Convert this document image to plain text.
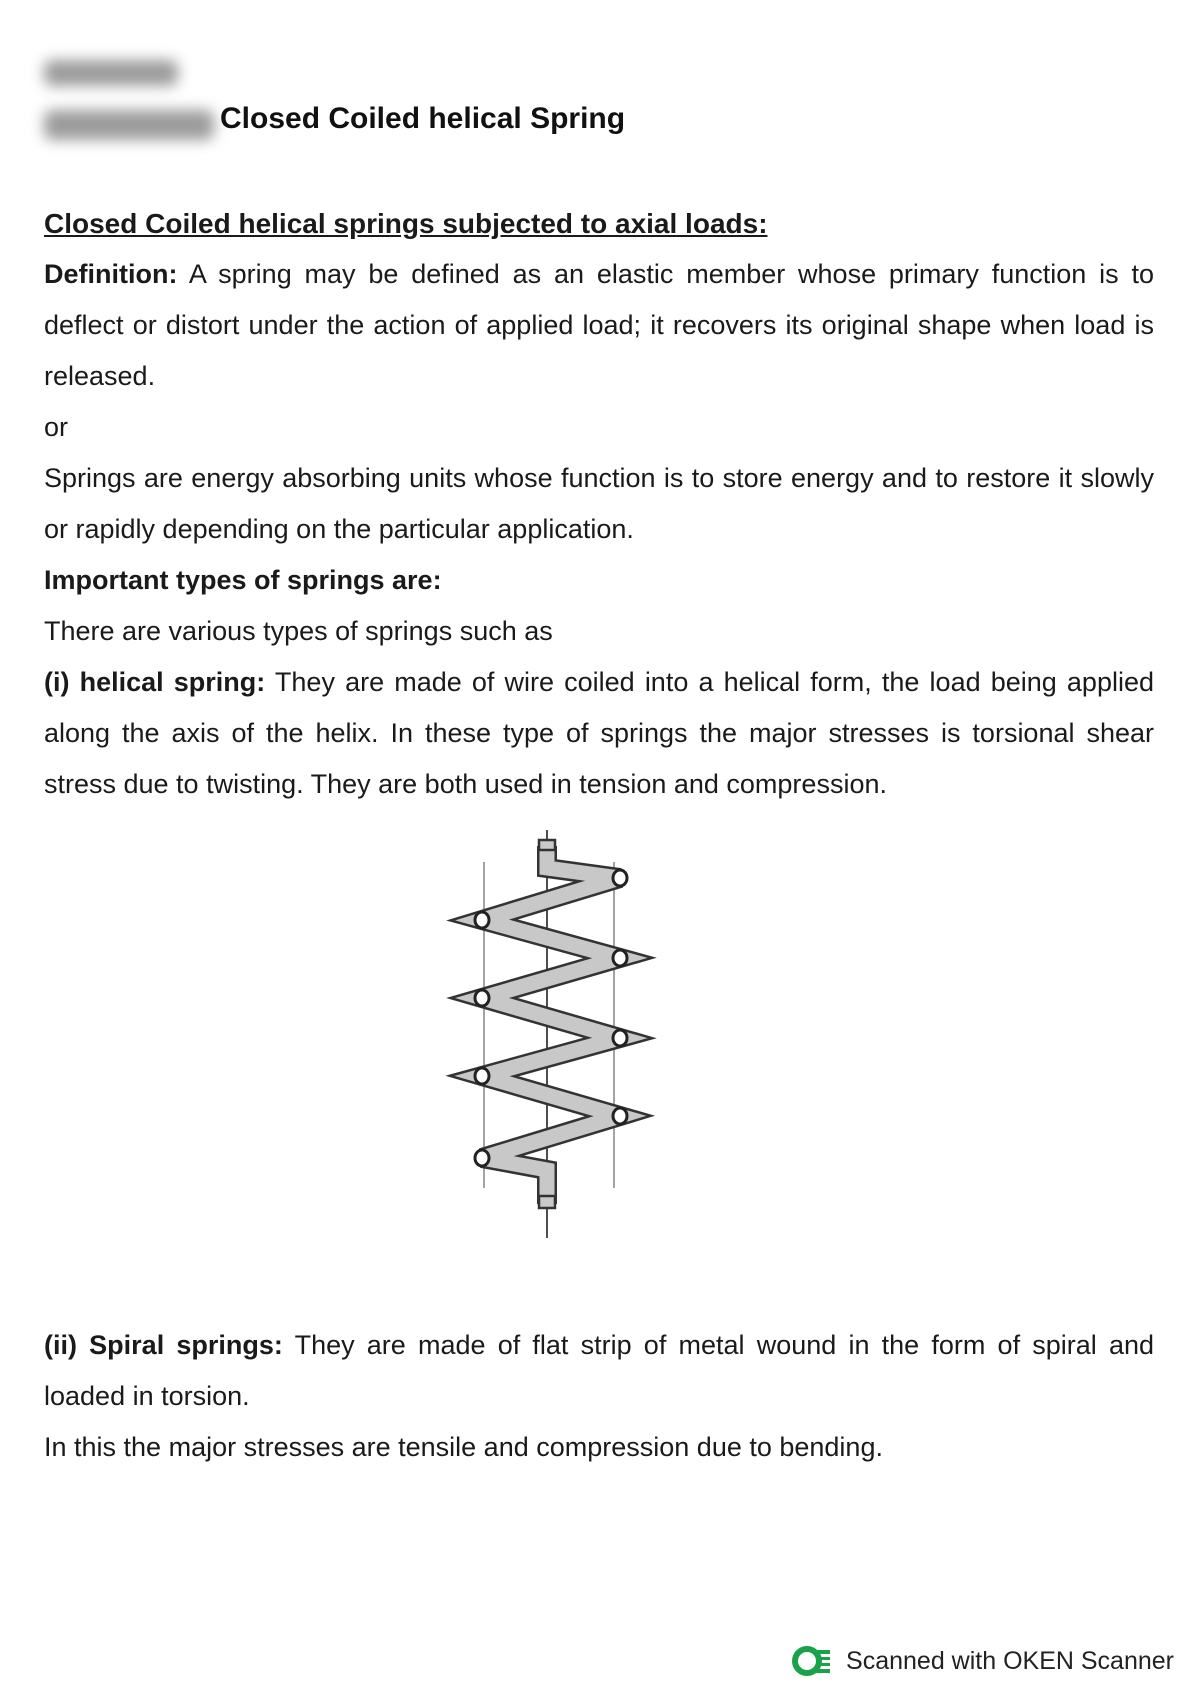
Closed Coiled helical Spring

Closed Coiled helical springs subjected to axial loads:

Definition: A spring may be defined as an elastic member whose primary function is to deflect or distort under the action of applied load; it recovers its original shape when load is released.

or

Springs are energy absorbing units whose function is to store energy and to restore it slowly or rapidly depending on the particular application.

Important types of springs are:

There are various types of springs such as

(i) helical spring: They are made of wire coiled into a helical form, the load being applied along the axis of the helix. In these type of springs the major stresses is torsional shear stress due to twisting. They are both used in tension and compression.

(ii) Spiral springs: They are made of flat strip of metal wound in the form of spiral and loaded in torsion.

In this the major stresses are tensile and compression due to bending.

Scanned with OKEN Scanner
